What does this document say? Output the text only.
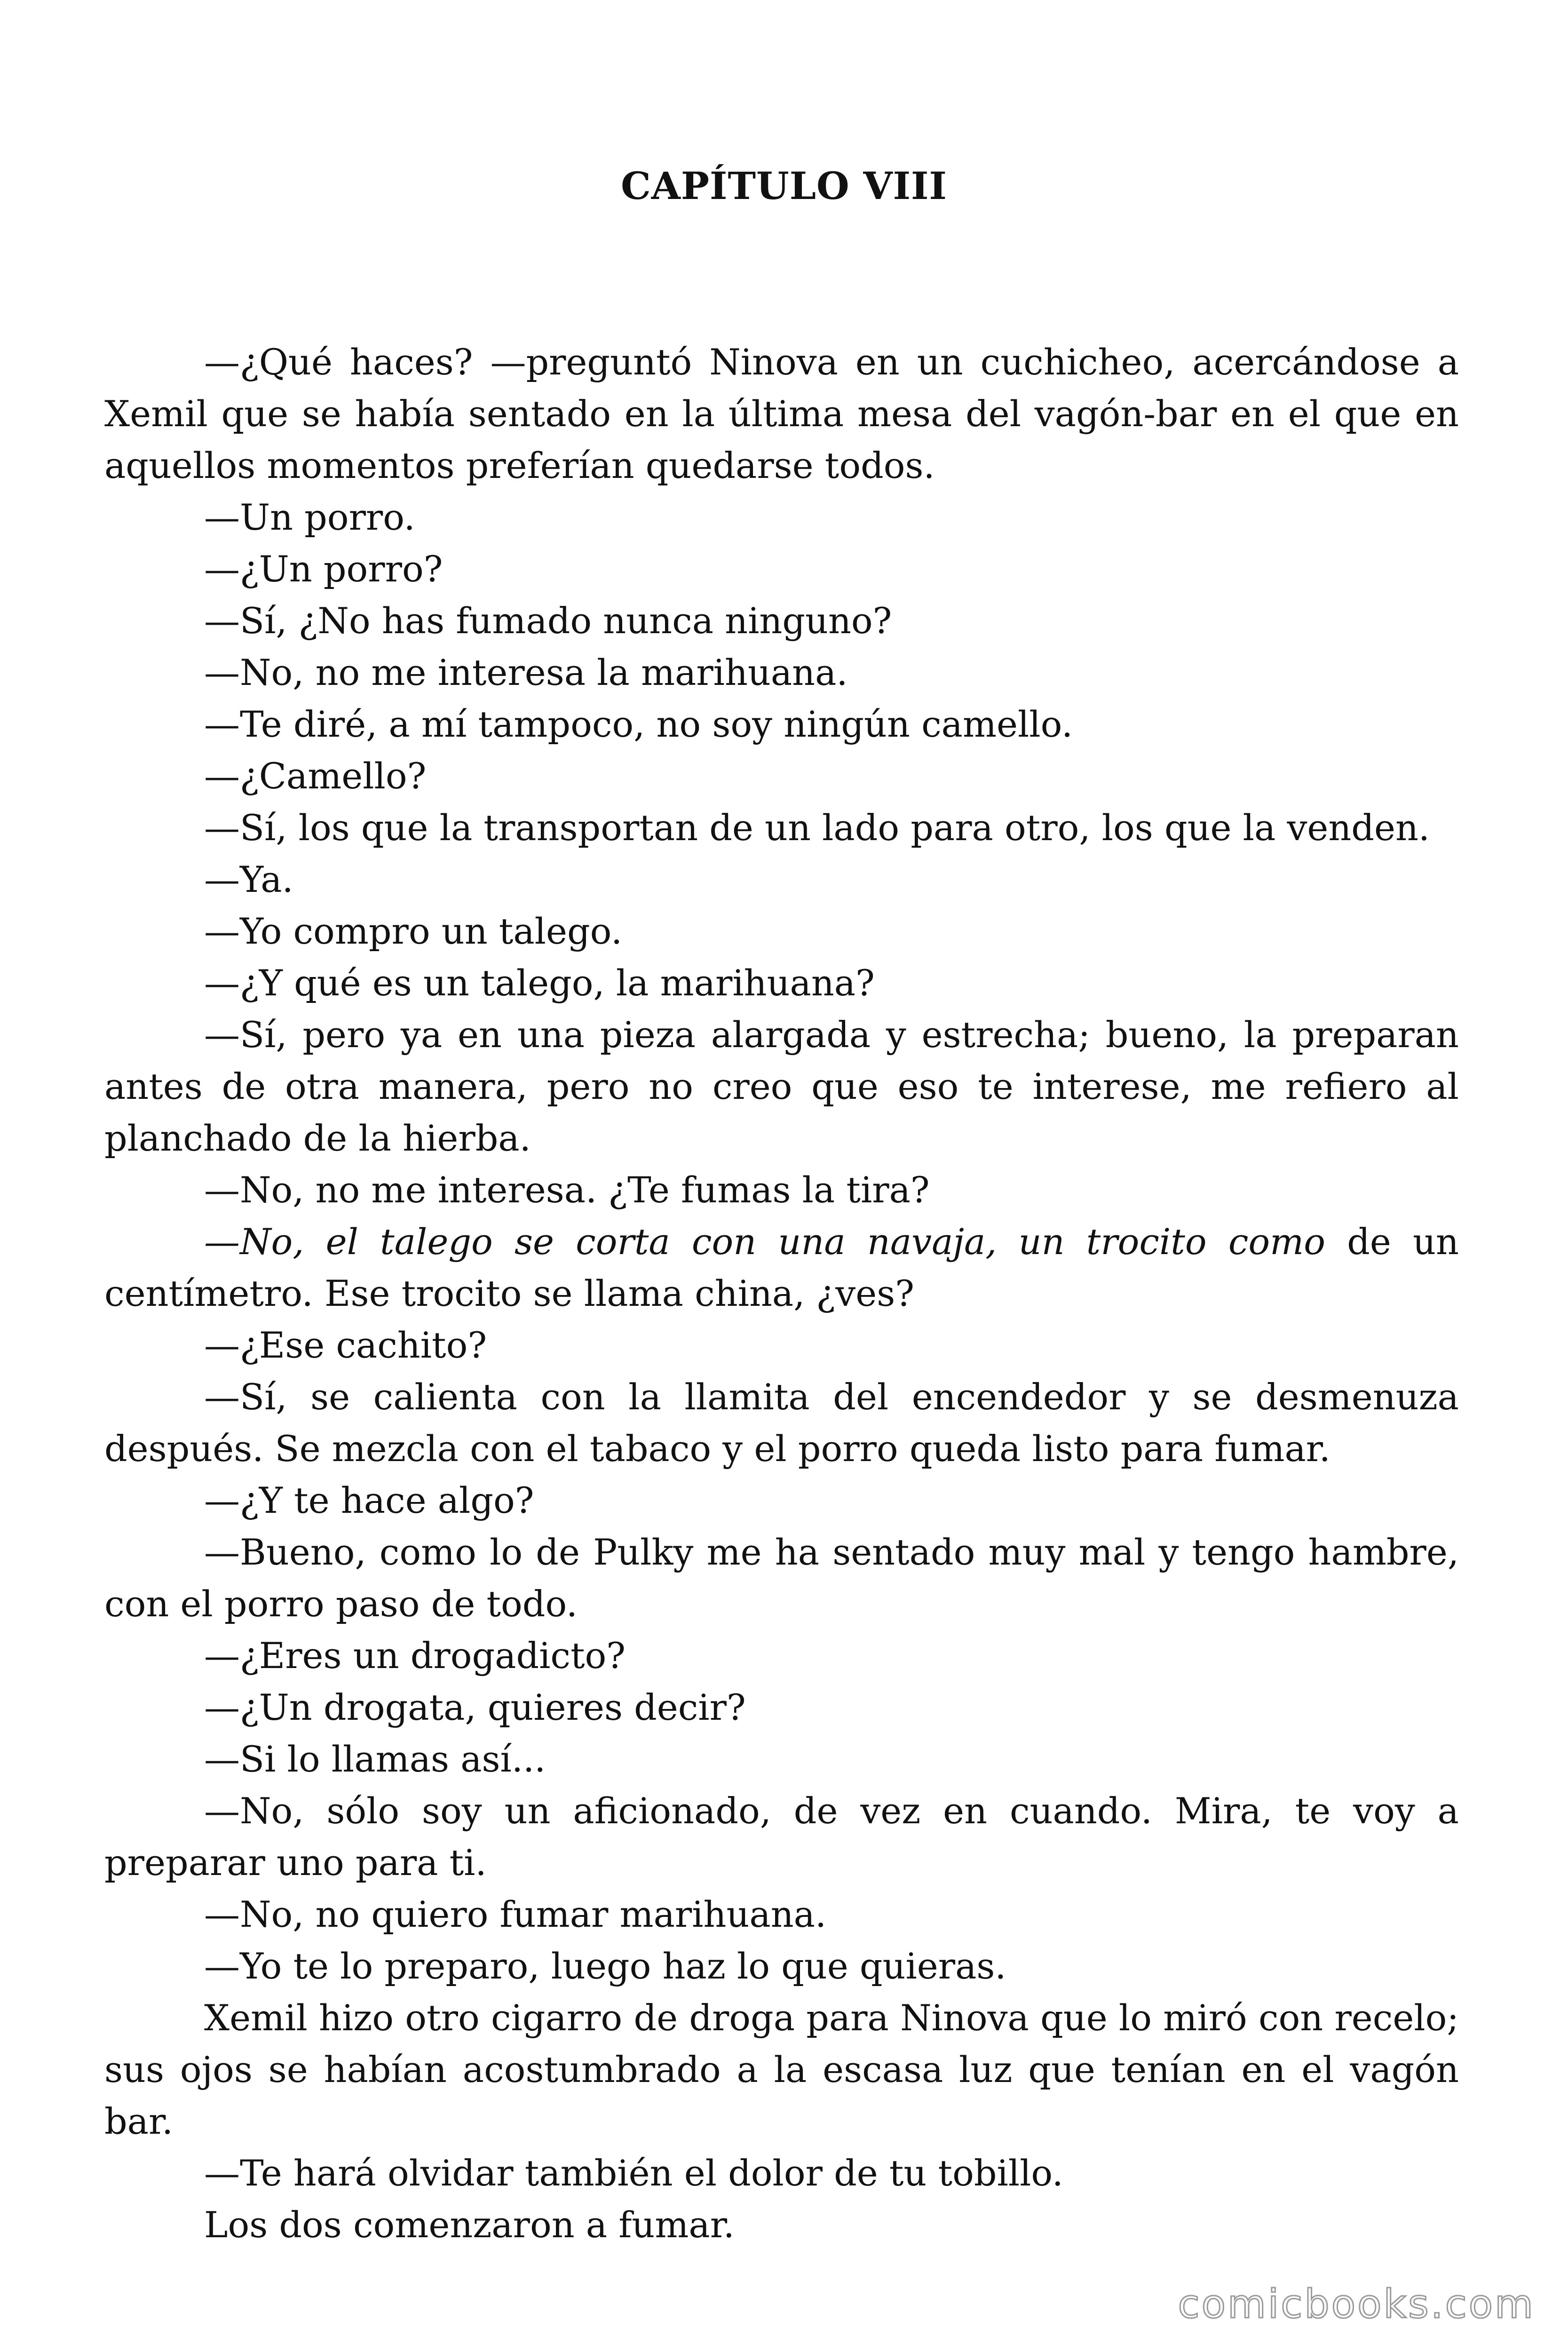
CAPÍTULO VIII

—¿Qué haces? —preguntó Ninova en un cuchicheo, acercándose a Xemil que se había sentado en la última mesa del vagón-bar en el que en aquellos momentos preferían quedarse todos.

—Un porro.

—¿Un porro?

—Sí, ¿No has fumado nunca ninguno?

—No, no me interesa la marihuana.

—Te diré, a mí tampoco, no soy ningún camello.

—¿Camello?

—Sí, los que la transportan de un lado para otro, los que la venden.

—Ya.

—Yo compro un talego.

—¿Y qué es un talego, la marihuana?

—Sí, pero ya en una pieza alargada y estrecha; bueno, la preparan antes de otra manera, pero no creo que eso te interese, me refiero al planchado de la hierba.

—No, no me interesa. ¿Te fumas la tira?

—No, el talego se corta con una navaja, un trocito como de un centímetro. Ese trocito se llama china, ¿ves?

—¿Ese cachito?

—Sí, se calienta con la llamita del encendedor y se desmenuza después. Se mezcla con el tabaco y el porro queda listo para fumar.

—¿Y te hace algo?

—Bueno, como lo de Pulky me ha sentado muy mal y tengo hambre, con el porro paso de todo.

—¿Eres un drogadicto?

—¿Un drogata, quieres decir?

—Si lo llamas así...

—No, sólo soy un aficionado, de vez en cuando. Mira, te voy a preparar uno para ti.

—No, no quiero fumar marihuana.

—Yo te lo preparo, luego haz lo que quieras.

Xemil hizo otro cigarro de droga para Ninova que lo miró con recelo; sus ojos se habían acostumbrado a la escasa luz que tenían en el vagón bar.

—Te hará olvidar también el dolor de tu tobillo.

Los dos comenzaron a fumar.

comicbooks.com
